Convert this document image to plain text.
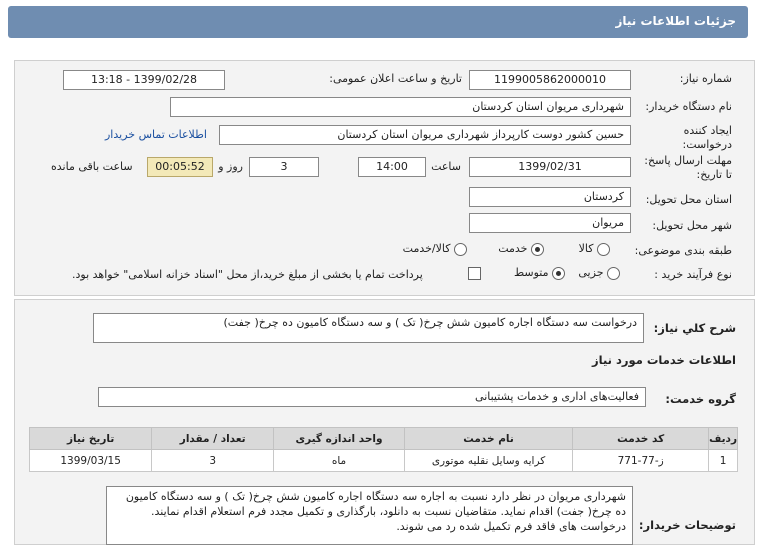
جزئیات اطلاعات نیاز
شماره نیاز:
1199005862000010
تاریخ و ساعت اعلان عمومی:
1399/02/28 - 13:18
نام دستگاه خریدار:
شهرداری مریوان استان کردستان
ایجاد کننده
درخواست:
حسین کشور دوست کارپرداز شهرداری مریوان استان کردستان
اطلاعات تماس خریدار
مهلت ارسال پاسخ:
تا تاریخ:
1399/02/31
ساعت
14:00
3
روز و
00:05:52
ساعت باقی مانده
استان محل تحویل:
کردستان
شهر محل تحویل:
مریوان
طبقه بندی موضوعی:
کالا
خدمت
کالا/خدمت
نوع فرآیند خرید :
جزیی
متوسط
پرداخت تمام یا بخشی از مبلغ خرید،از محل "اسناد خزانه اسلامی" خواهد بود.
شرح کلي نياز:
درخواست سه دستگاه اجاره کامیون شش چرخ( تک ) و سه دستگاه کامیون ده چرخ( جفت)
اطلاعات خدمات مورد نیاز
گروه خدمت:
فعالیت‌های اداری و خدمات پشتیبانی
ردیف	کد خدمت	نام خدمت	واحد اندازه گیری	تعداد / مقدار	تاریخ نیاز
1	ز-77-771	کرایه وسایل نقلیه موتوری	ماه	3	1399/03/15
توضیحات خریدار:
شهرداری مریوان در نظر دارد نسبت به اجاره سه دستگاه اجاره کامیون شش چرخ( تک ) و سه دستگاه کامیون ده چرخ( جفت) اقدام نماید. متقاضیان نسبت به دانلود، بارگذاری و تکمیل مجدد فرم استعلام اقدام نمایند. درخواست های فاقد فرم تکمیل شده رد می شوند.
